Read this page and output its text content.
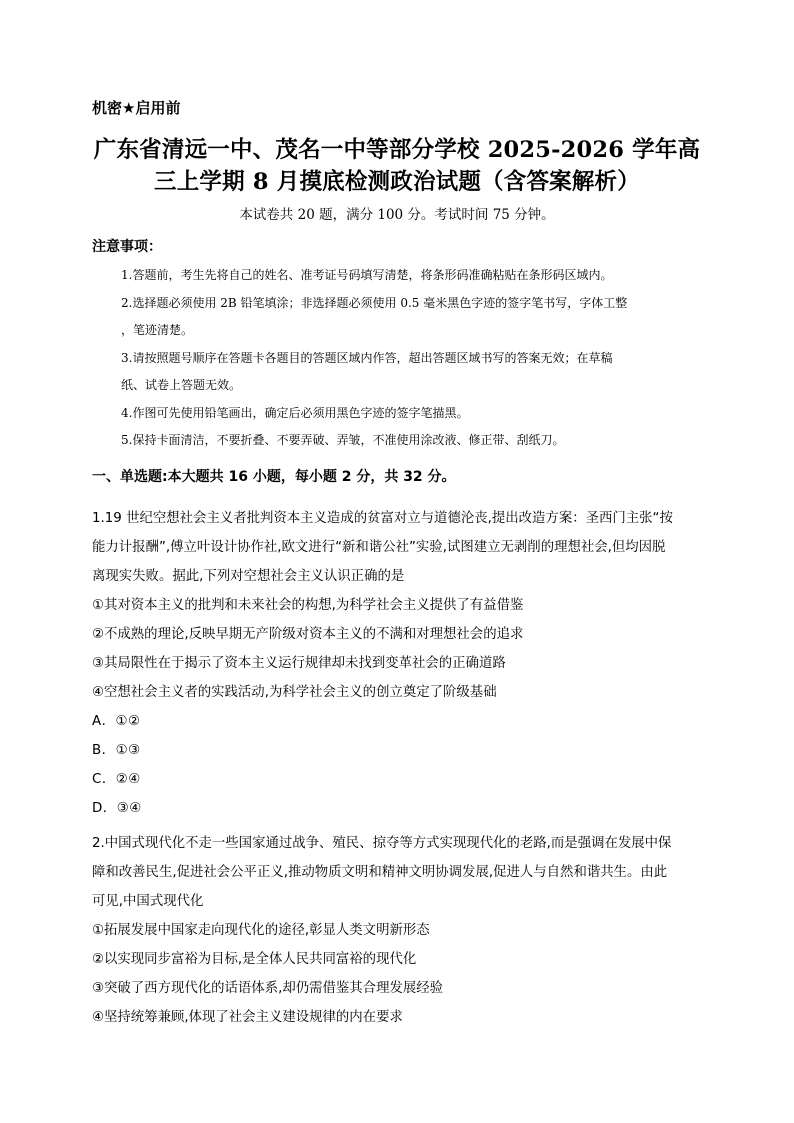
机密★启用前
广东省清远一中、茂名一中等部分学校 2025-2026 学年高
三上学期 8 月摸底检测政治试题（含答案解析）
本试卷共 20 题，满分 100 分。考试时间 75 分钟。
注意事项：
1.答题前，考生先将自己的姓名、准考证号码填写清楚，将条形码准确粘贴在条形码区域内。
2.选择题必须使用 2B 铅笔填涂；非选择题必须使用 0.5 毫米黑色字迹的签字笔书写，字体工整
，笔迹清楚。
3.请按照题号顺序在答题卡各题目的答题区域内作答，超出答题区域书写的答案无效；在草稿
纸、试卷上答题无效。
4.作图可先使用铅笔画出，确定后必须用黑色字迹的签字笔描黑。
5.保持卡面清洁，不要折叠、不要弄破、弄皱，不准使用涂改液、修正带、刮纸刀。
一、单选题:本大题共 16 小题，每小题 2 分，共 32 分。
1.19 世纪空想社会主义者批判资本主义造成的贫富对立与道德沦丧,提出改造方案：圣西门主张“按
能力计报酬”,傅立叶设计协作社,欧文进行“新和谐公社”实验,试图建立无剥削的理想社会,但均因脱
离现实失败。据此,下列对空想社会主义认识正确的是
①其对资本主义的批判和未来社会的构想,为科学社会主义提供了有益借鉴
②不成熟的理论,反映早期无产阶级对资本主义的不满和对理想社会的追求
③其局限性在于揭示了资本主义运行规律却未找到变革社会的正确道路
④空想社会主义者的实践活动,为科学社会主义的创立奠定了阶级基础
A．①②
B．①③
C．②④
D．③④
2.中国式现代化不走一些国家通过战争、殖民、掠夺等方式实现现代化的老路,而是强调在发展中保
障和改善民生,促进社会公平正义,推动物质文明和精神文明协调发展,促进人与自然和谐共生。由此
可见,中国式现代化
①拓展发展中国家走向现代化的途径,彰显人类文明新形态
②以实现同步富裕为目标,是全体人民共同富裕的现代化
③突破了西方现代化的话语体系,却仍需借鉴其合理发展经验
④坚持统筹兼顾,体现了社会主义建设规律的内在要求
